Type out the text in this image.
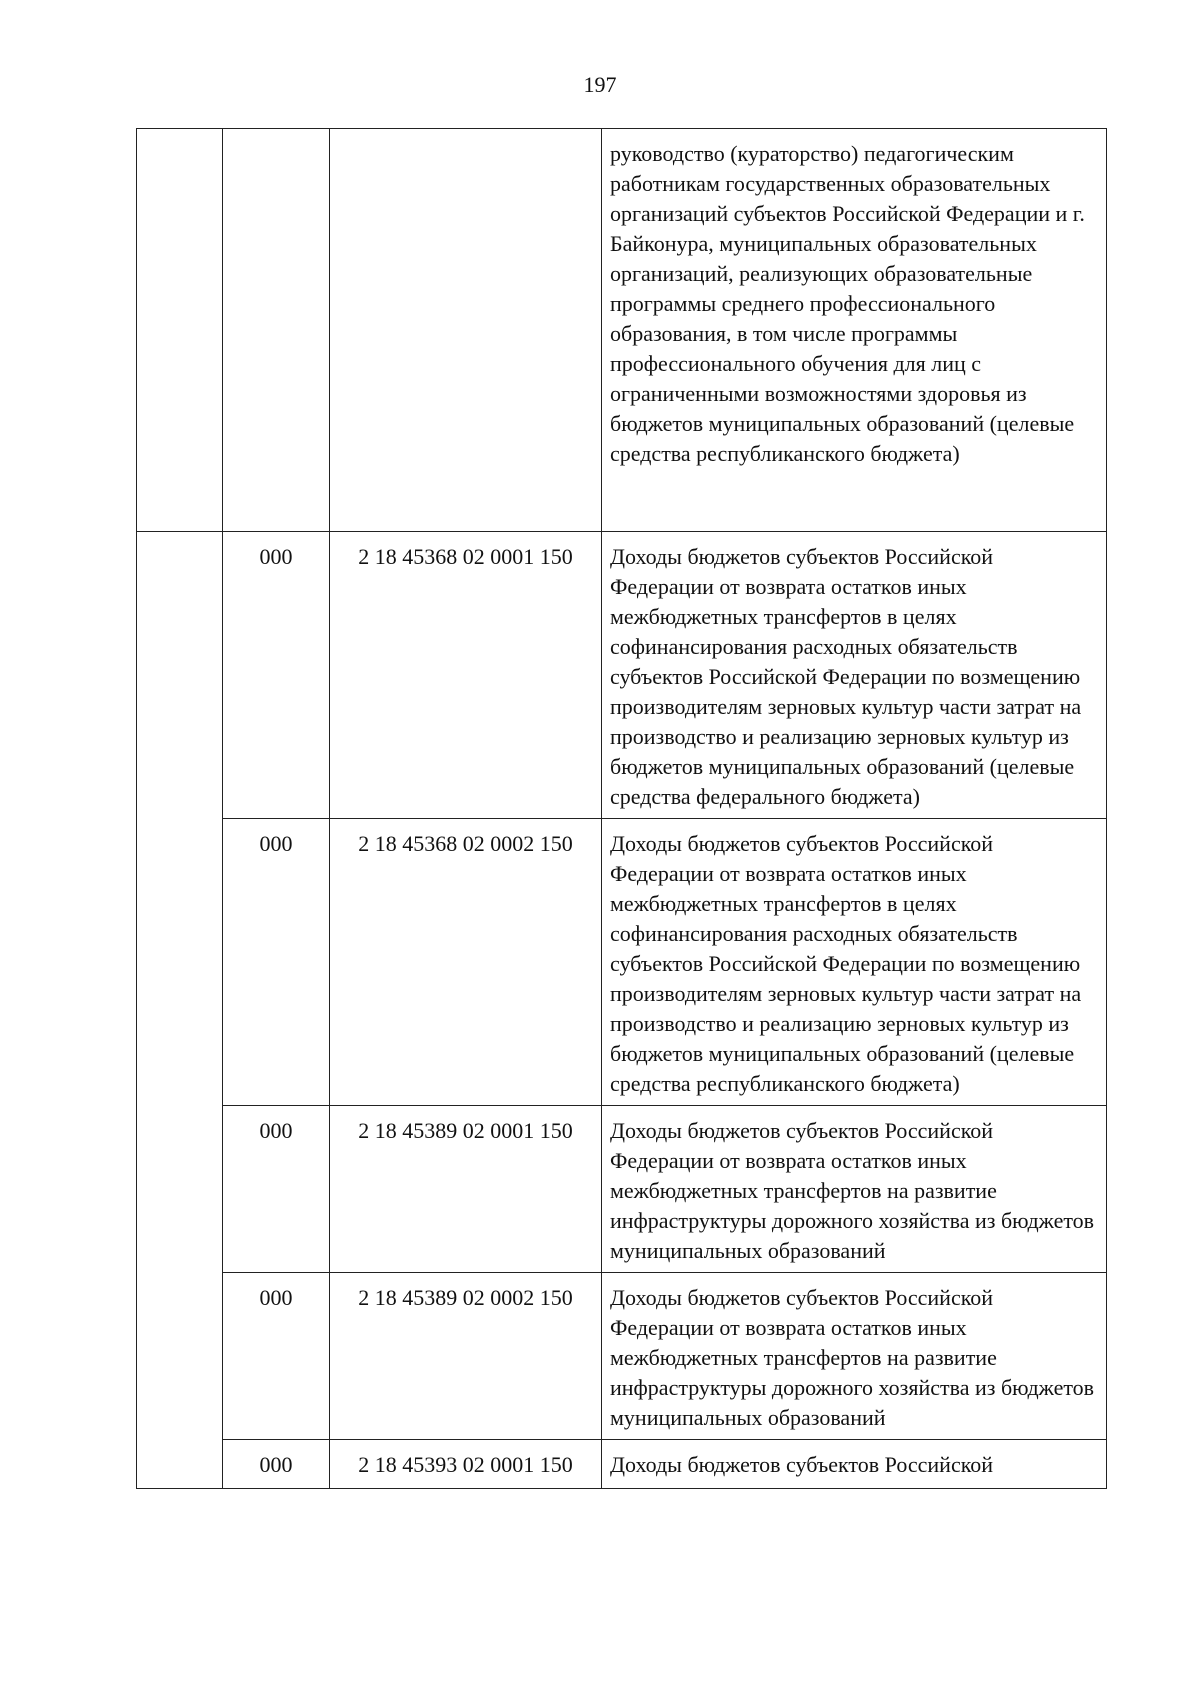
197
			руководство (кураторство) педагогическим работникам государственных образовательных организаций субъектов Российской Федерации и г. Байконура, муниципальных образовательных организаций, реализующих образовательные программы среднего профессионального образования, в том числе программы профессионального обучения для лиц с ограниченными возможностями здоровья из бюджетов муниципальных образований (целевые средства республиканского бюджета)
	000	2 18 45368 02 0001 150	Доходы бюджетов субъектов Российской Федерации от возврата остатков иных межбюджетных трансфертов в целях софинансирования расходных обязательств субъектов Российской Федерации по возмещению производителям зерновых культур части затрат на производство и реализацию зерновых культур из бюджетов муниципальных образований (целевые средства федерального бюджета)
	000	2 18 45368 02 0002 150	Доходы бюджетов субъектов Российской Федерации от возврата остатков иных межбюджетных трансфертов в целях софинансирования расходных обязательств субъектов Российской Федерации по возмещению производителям зерновых культур части затрат на производство и реализацию зерновых культур из бюджетов муниципальных образований (целевые средства республиканского бюджета)
	000	2 18 45389 02 0001 150	Доходы бюджетов субъектов Российской Федерации от возврата остатков иных межбюджетных трансфертов на развитие инфраструктуры дорожного хозяйства из бюджетов муниципальных образований
	000	2 18 45389 02 0002 150	Доходы бюджетов субъектов Российской Федерации от возврата остатков иных межбюджетных трансфертов на развитие инфраструктуры дорожного хозяйства из бюджетов муниципальных образований
	000	2 18 45393 02 0001 150	Доходы бюджетов субъектов Российской
